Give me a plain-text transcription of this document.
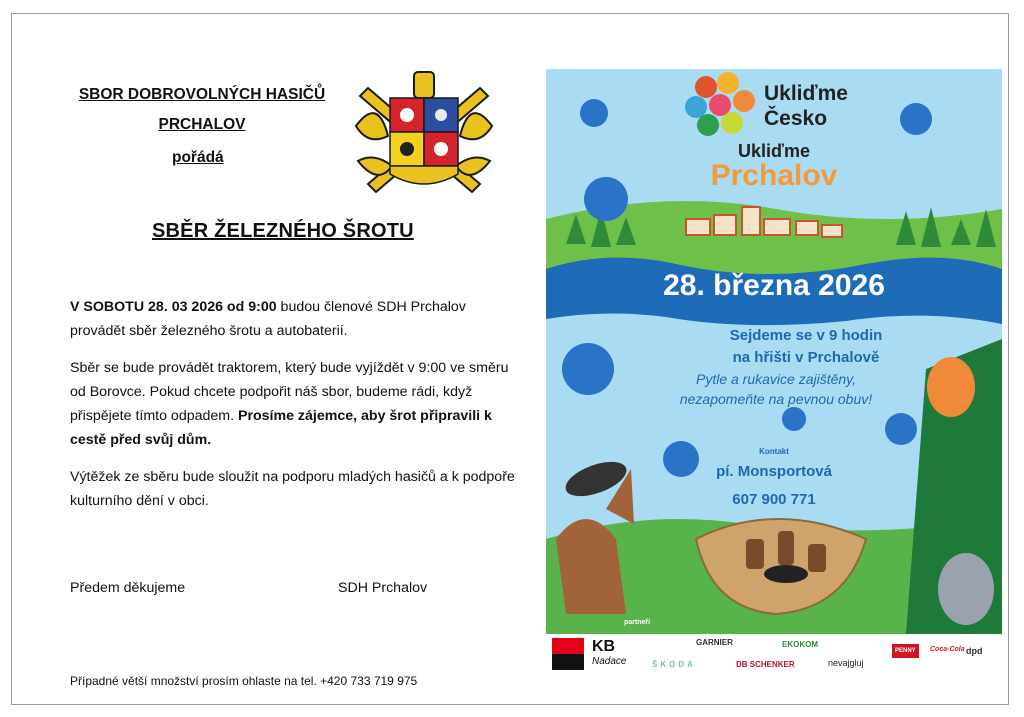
SBOR DOBROVOLNÝCH HASIČŮ
PRCHALOV
pořádá
SBĚR ŽELEZNÉHO ŠROTU

V SOBOTU 28. 03 2026 od 9:00 budou členové SDH Prchalov provádět sběr železného šrotu a autobaterií.

Sběr se bude provádět traktorem, který bude vyjíždět v 9:00 ve směru od Borovce. Pokud chcete podpořit náš sbor, budeme rádi, když přispějete tímto odpadem. Prosíme zájemce, aby šrot připravili k cestě před svůj dům.

Výtěžek ze sběru bude sloužit na podporu mladých hasičů a k podpoře kulturního dění v obci.

Předem děkujeme	SDH Prchalov
Případné větší množství prosím ohlaste na tel. +420 733 719 975
Ukliďme
Česko
Ukliďme
Prchalov
28. března 2026
Sejdeme se v 9 hodin
na hřišti v Prchalově
Pytle a rukavice zajištěny,
nezapomeňte na pevnou obuv!
Kontakt
pí. Monsportová
607 900 771
partneři
KB
Nadace
GARNIER
ŠKODA
EKOKOM
DB SCHENKER	nevajgluj
PENNY	Coca-Cola dpd
